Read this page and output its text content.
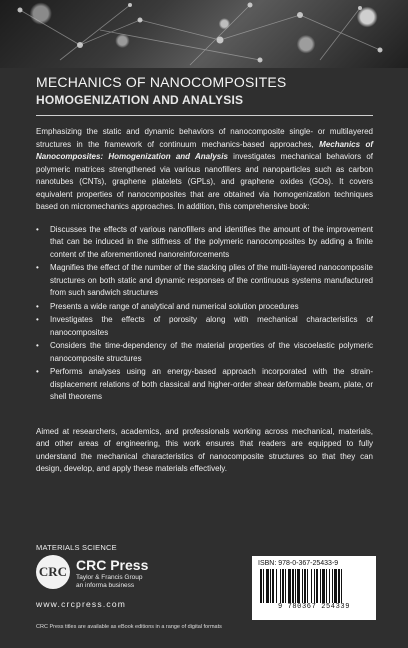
MECHANICS OF NANOCOMPOSITES
HOMOGENIZATION AND ANALYSIS

Emphasizing the static and dynamic behaviors of nanocomposite single- or multilayered structures in the framework of continuum mechanics-based approaches, Mechanics of Nanocomposites: Homogenization and Analysis investigates mechanical behaviors of polymeric matrices strengthened via various nanofillers and nanoparticles such as carbon nanotubes (CNTs), graphene platelets (GPLs), and graphene oxides (GOs). It covers equivalent properties of nanocomposites that are obtained via homogenization techniques based on micromechanics approaches. In addition, this comprehensive book:

•	Discusses the effects of various nanofillers and identifies the amount of the improvement that can be induced in the stiffness of the polymeric nanocomposites by adding a finite content of the aforementioned nanoreinforcements
•	Magnifies the effect of the number of the stacking plies of the multi-layered nanocomposite structures on both static and dynamic responses of the continuous systems manufactured from such sandwich structures
•	Presents a wide range of analytical and numerical solution procedures
•	Investigates the effects of porosity along with mechanical characteristics of nanocomposites
•	Considers the time-dependency of the material properties of the viscoelastic polymeric nanocomposite structures
•	Performs analyses using an energy-based approach incorporated with the strain-displacement relations of both classical and higher-order shear deformable beam, plate, or shell theorems

Aimed at researchers, academics, and professionals working across mechanical, materials, and other areas of engineering, this work ensures that readers are equipped to fully understand the mechanical characteristics of nanocomposite structures so that they can design, develop, and apply these materials effectively.

MATERIALS SCIENCE
CRC CRC Press
Taylor & Francis Group
an informa business
www.crcpress.com
ISBN: 978-0-367-25433-9
9 780367 254339
CRC Press titles are available as eBook editions in a range of digital formats
